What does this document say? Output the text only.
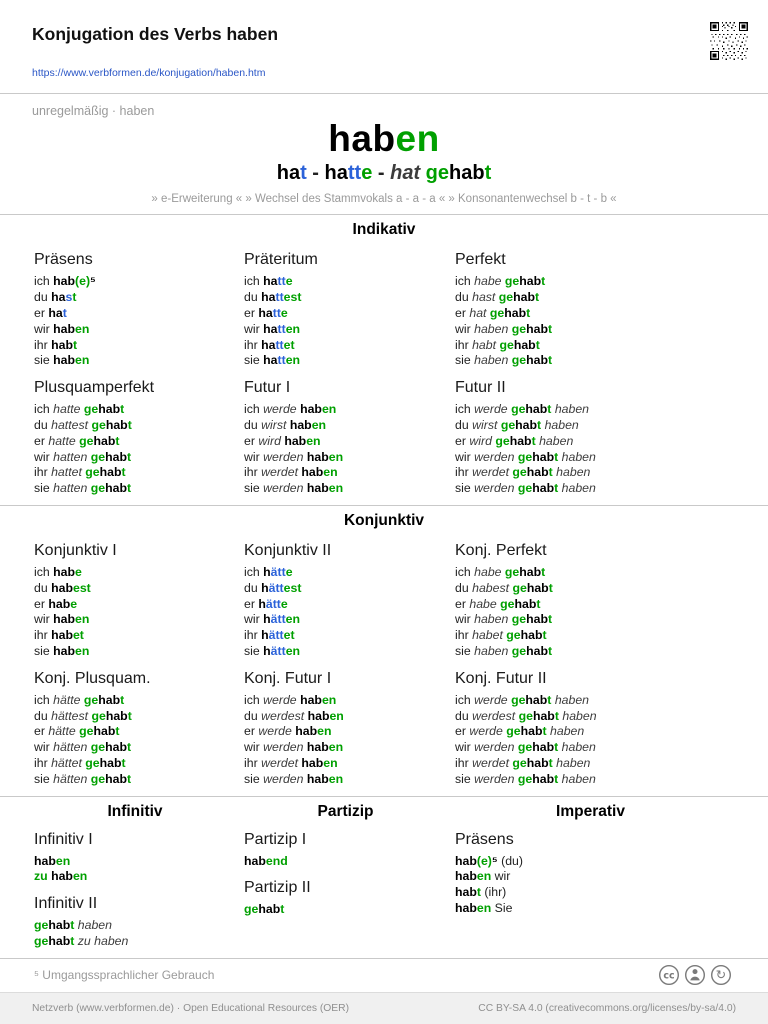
Konjugation des Verbs haben

https://www.verbformen.de/konjugation/haben.htm
unregelmäßig · haben
haben
hat - hatte - hat gehabt
» e-Erweiterung « » Wechsel des Stammvokals a - a - a « » Konsonantenwechsel b - t - b «
Indikativ
Präsens
ich hab(e)⁵
du hast
er hat
wir haben
ihr habt
sie haben
Präteritum
ich hatte
du hattest
er hatte
wir hatten
ihr hattet
sie hatten
Perfekt
ich habe gehabt
du hast gehabt
er hat gehabt
wir haben gehabt
ihr habt gehabt
sie haben gehabt
Plusquamperfekt
ich hatte gehabt
du hattest gehabt
er hatte gehabt
wir hatten gehabt
ihr hattet gehabt
sie hatten gehabt
Futur I
ich werde haben
du wirst haben
er wird haben
wir werden haben
ihr werdet haben
sie werden haben
Futur II
ich werde gehabt haben
du wirst gehabt haben
er wird gehabt haben
wir werden gehabt haben
ihr werdet gehabt haben
sie werden gehabt haben
Konjunktiv
Konjunktiv I
ich habe
du habest
er habe
wir haben
ihr habet
sie haben
Konjunktiv II
ich hätte
du hättest
er hätte
wir hätten
ihr hättet
sie hätten
Konj. Perfekt
ich habe gehabt
du habest gehabt
er habe gehabt
wir haben gehabt
ihr habet gehabt
sie haben gehabt
Konj. Plusquam.
ich hätte gehabt
du hättest gehabt
er hätte gehabt
wir hätten gehabt
ihr hättet gehabt
sie hätten gehabt
Konj. Futur I
ich werde haben
du werdest haben
er werde haben
wir werden haben
ihr werdet haben
sie werden haben
Konj. Futur II
ich werde gehabt haben
du werdest gehabt haben
er werde gehabt haben
wir werden gehabt haben
ihr werdet gehabt haben
sie werden gehabt haben
Infinitiv
Infinitiv I
haben
zu haben
Infinitiv II
gehabt haben
gehabt zu haben
Partizip
Partizip I
habend
Partizip II
gehabt
Imperativ
Präsens
hab(e)⁵ (du)
haben wir
habt (ihr)
haben Sie
⁵ Umgangssprachlicher Gebrauch	cc	↻
Netzverb (www.verbformen.de) · Open Educational Resources (OER)	CC BY-SA 4.0 (creativecommons.org/licenses/by-sa/4.0)
